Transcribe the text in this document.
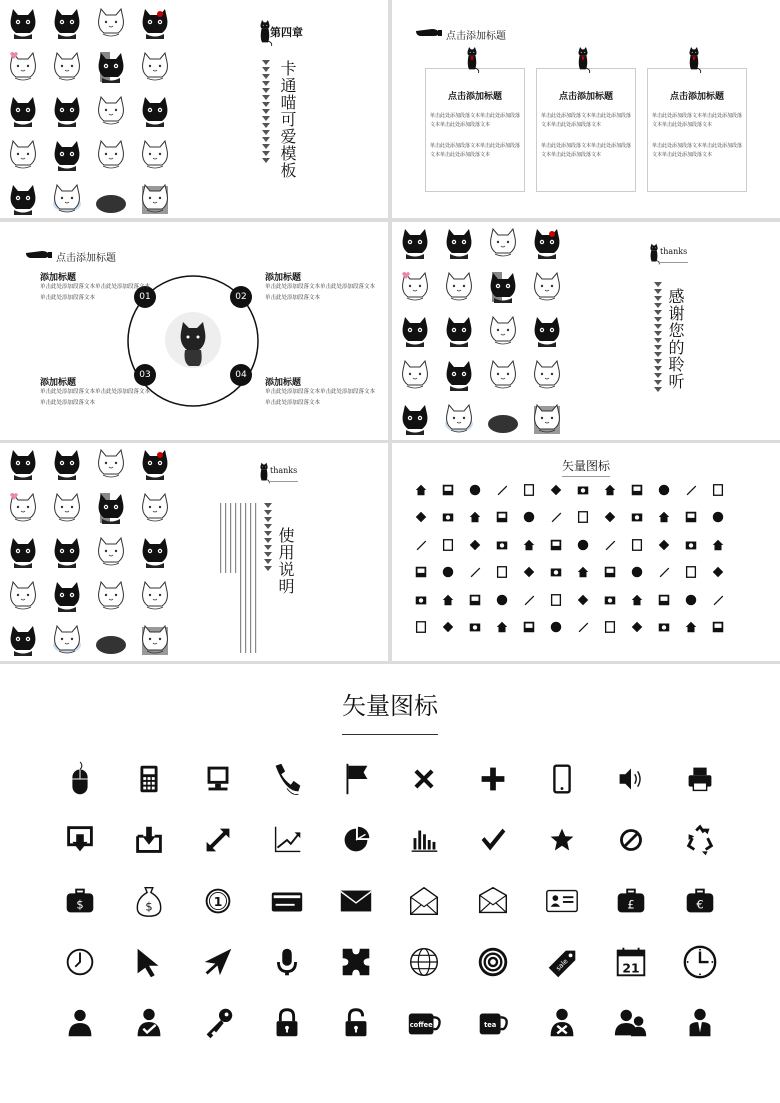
第四章
卡通喵可爱模板
点击添加标题
点击添加标题
单击此处添加段落文本单击此处添加段落文本单击此处添加段落文本
单击此处添加段落文本单击此处添加段落文本单击此处添加段落文本
点击添加标题
单击此处添加段落文本单击此处添加段落文本单击此处添加段落文本
单击此处添加段落文本单击此处添加段落文本单击此处添加段落文本
点击添加标题
单击此处添加段落文本单击此处添加段落文本单击此处添加段落文本
单击此处添加段落文本单击此处添加段落文本单击此处添加段落文本
点击添加标题
01	02
03	04
添加标题
单击此处添加段落文本单击此处添加段落文本单击此处添加段落文本
添加标题
单击此处添加段落文本单击此处添加段落文本单击此处添加段落文本
添加标题
单击此处添加段落文本单击此处添加段落文本单击此处添加段落文本
添加标题
单击此处添加段落文本单击此处添加段落文本单击此处添加段落文本
thanks
感谢您的聆听
thanks
使用说明
矢量图标
矢量图标
$	$	1	£	€
sale	21
coffee	tea
